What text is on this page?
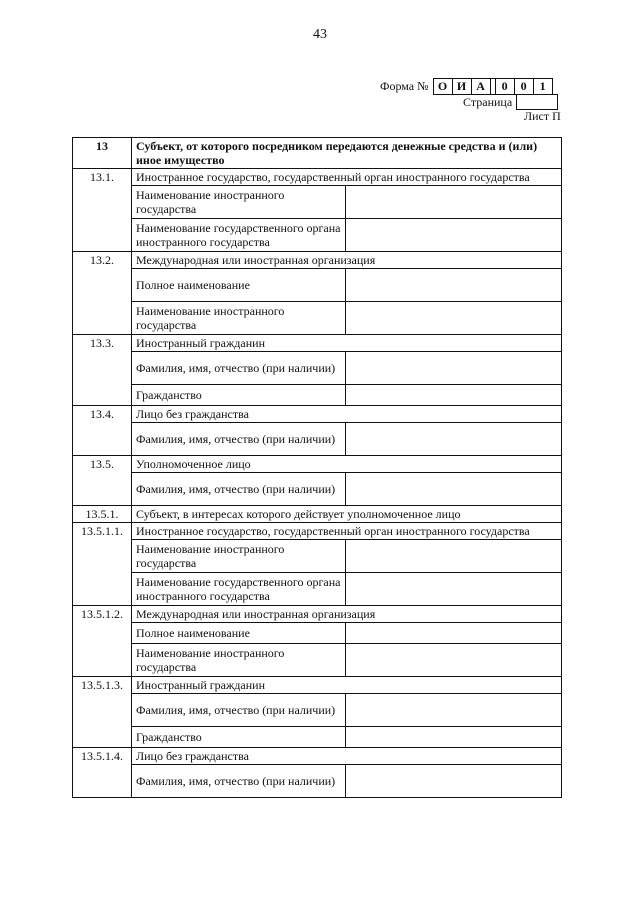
43
Форма № О И А	0	0	1
Страница
Лист П
13	Субъект, от которого посредником передаются денежные средства и (или) иное имущество	
13.1.	Иностранное государство, государственный орган иностранного государства	
	Наименование иностранного государства	
	Наименование государственного органа иностранного государства	
13.2.	Международная или иностранная организация	
	Полное наименование	
	Наименование иностранного государства	
13.3.	Иностранный гражданин	
	Фамилия, имя, отчество (при наличии)	
	Гражданство	
13.4.	Лицо без гражданства	
	Фамилия, имя, отчество (при наличии)	
13.5.	Уполномоченное лицо	
	Фамилия, имя, отчество (при наличии)	
13.5.1.	Субъект, в интересах которого действует уполномоченное лицо	
13.5.1.1.	Иностранное государство, государственный орган иностранного государства	
	Наименование иностранного государства	
	Наименование государственного органа иностранного государства	
13.5.1.2.	Международная или иностранная организация	
	Полное наименование	
	Наименование иностранного государства	
13.5.1.3.	Иностранный гражданин	
	Фамилия, имя, отчество (при наличии)	
	Гражданство	
13.5.1.4.	Лицо без гражданства	
	Фамилия, имя, отчество (при наличии)	
